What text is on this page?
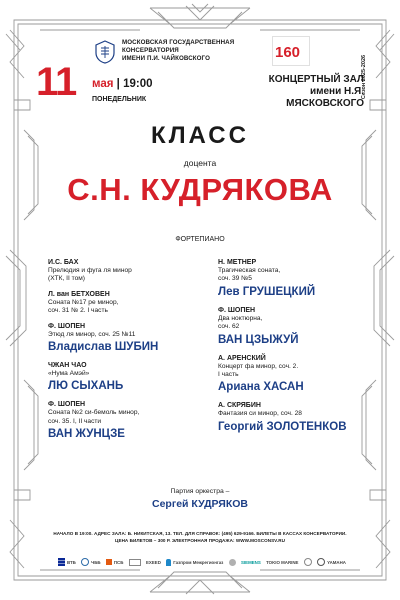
МОСКОВСКАЯ ГОСУДАРСТВЕННАЯ КОНСЕРВАТОРИЯ
ИМЕНИ П.И. ЧАЙКОВСКОГО	160
Сезон 2025-2026
11 мая | 19:00
ПОНЕДЕЛЬНИК
КОНЦЕРТНЫЙ ЗАЛ
имени Н.Я. МЯСКОВСКОГО
КЛАСС
доцента
С.Н. КУДРЯКОВА
ФОРТЕПИАНО
И.С. БАХ
Прелюдия и фуга ля минор
(ХТК, II том)
Л. ван БЕТХОВЕН
Соната №17 ре минор,
соч. 31 № 2. I часть
Ф. ШОПЕН
Этюд ля минор, соч. 25 №11
Владислав ШУБИН
ЧЖАН ЧАО
«Нума Амэй»
ЛЮ СЫХАНЬ
Ф. ШОПЕН
Соната №2 си-бемоль минор,
соч. 35. I, II части
ВАН ЖУНЦЗЕ
Н. МЕТНЕР
Трагическая соната,
соч. 39 №5
Лев ГРУШЕЦКИЙ
Ф. ШОПЕН
Два ноктюрна,
соч. 62
ВАН ЦЗЫЖУЙ
А. АРЕНСКИЙ
Концерт фа минор, соч. 2.
I часть
Ариана ХАСАН
А. СКРЯБИН
Фантазия си минор, соч. 28
Георгий ЗОЛОТЕНКОВ
Партия оркестра –
Сергей КУДРЯКОВ
НАЧАЛО В 19:00. АДРЕС ЗАЛА: Б. НИКИТСКАЯ, 13. ТЕЛ. ДЛЯ СПРАВОК: (495) 629-9166. БИЛЕТЫ В КАССАХ КОНСЕРВАТОРИИ.
ЦЕНА БИЛЕТОВ – 300 Р. ЭЛЕКТРОННАЯ ПРОДАЖА: WWW.MOSCONSV.RU
ВТБ	ЧББ	ПСБ	EXEED	Газпром Межрегионгаз	SIEMENS TOKIO MARINE	YAMAHA
